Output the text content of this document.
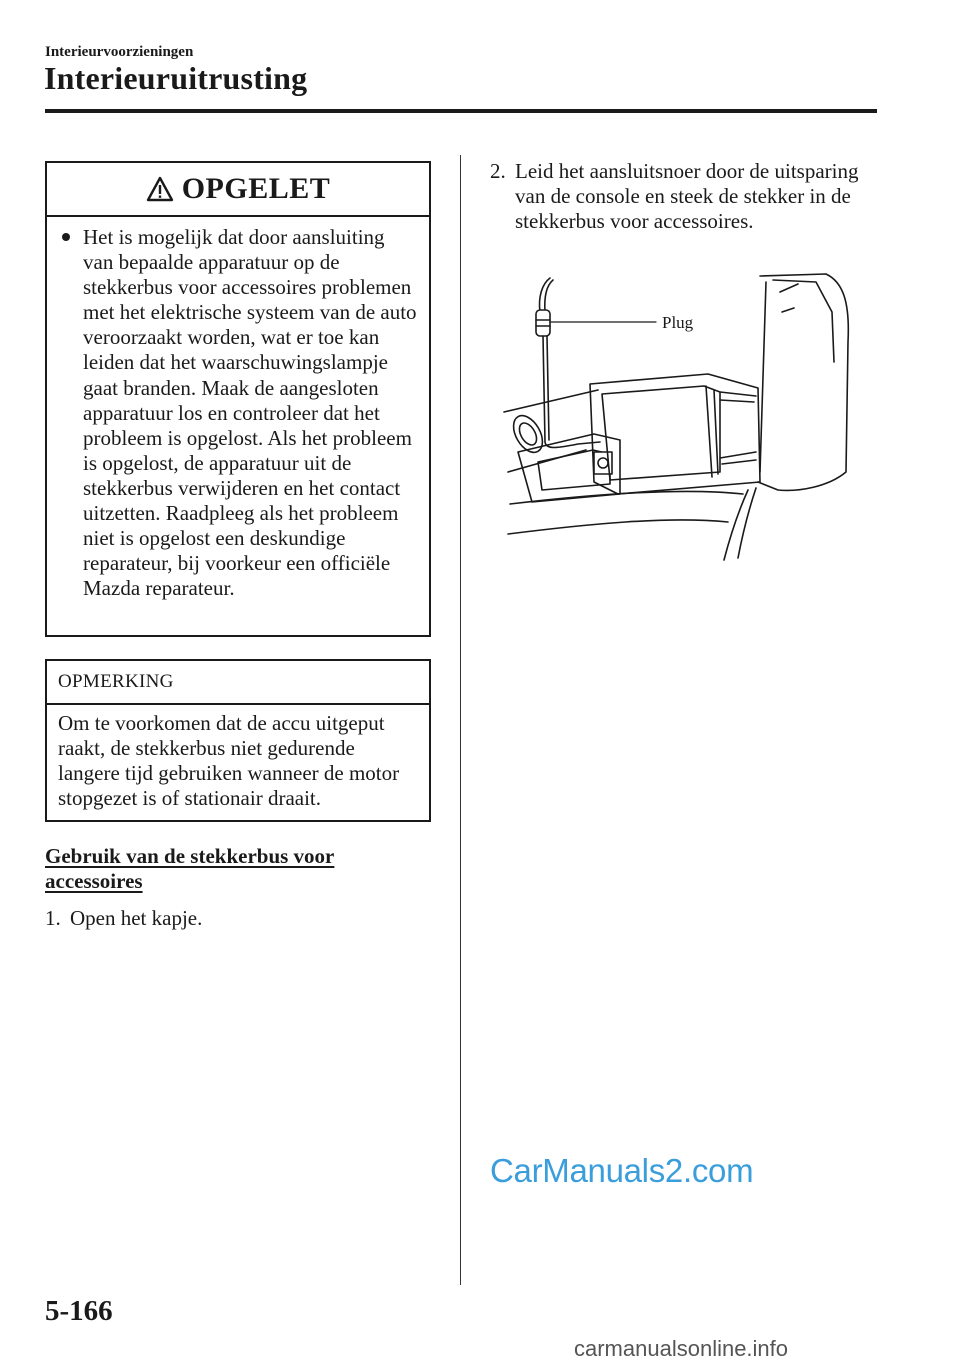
Interieurvoorzieningen
Interieuruitrusting
OPGELET
Het is mogelijk dat door aansluiting van bepaalde apparatuur op de stekkerbus voor accessoires problemen met het elektrische systeem van de auto veroorzaakt worden, wat er toe kan leiden dat het waarschuwingslampje gaat branden. Maak de aangesloten apparatuur los en controleer dat het probleem is opgelost. Als het probleem is opgelost, de apparatuur uit de stekkerbus verwijderen en het contact uitzetten. Raadpleeg als het probleem niet is opgelost een deskundige reparateur, bij voorkeur een officiële Mazda reparateur.
OPMERKING
Om te voorkomen dat de accu uitgeput raakt, de stekkerbus niet gedurende langere tijd gebruiken wanneer de motor stopgezet is of stationair draait.
Gebruik van de stekkerbus voor accessoires
1. Open het kapje.
2. Leid het aansluitsnoer door de uitsparing van de console en steek de stekker in de stekkerbus voor accessoires.
Plug
CarManuals2.com
5-166
carmanualsonline.info
